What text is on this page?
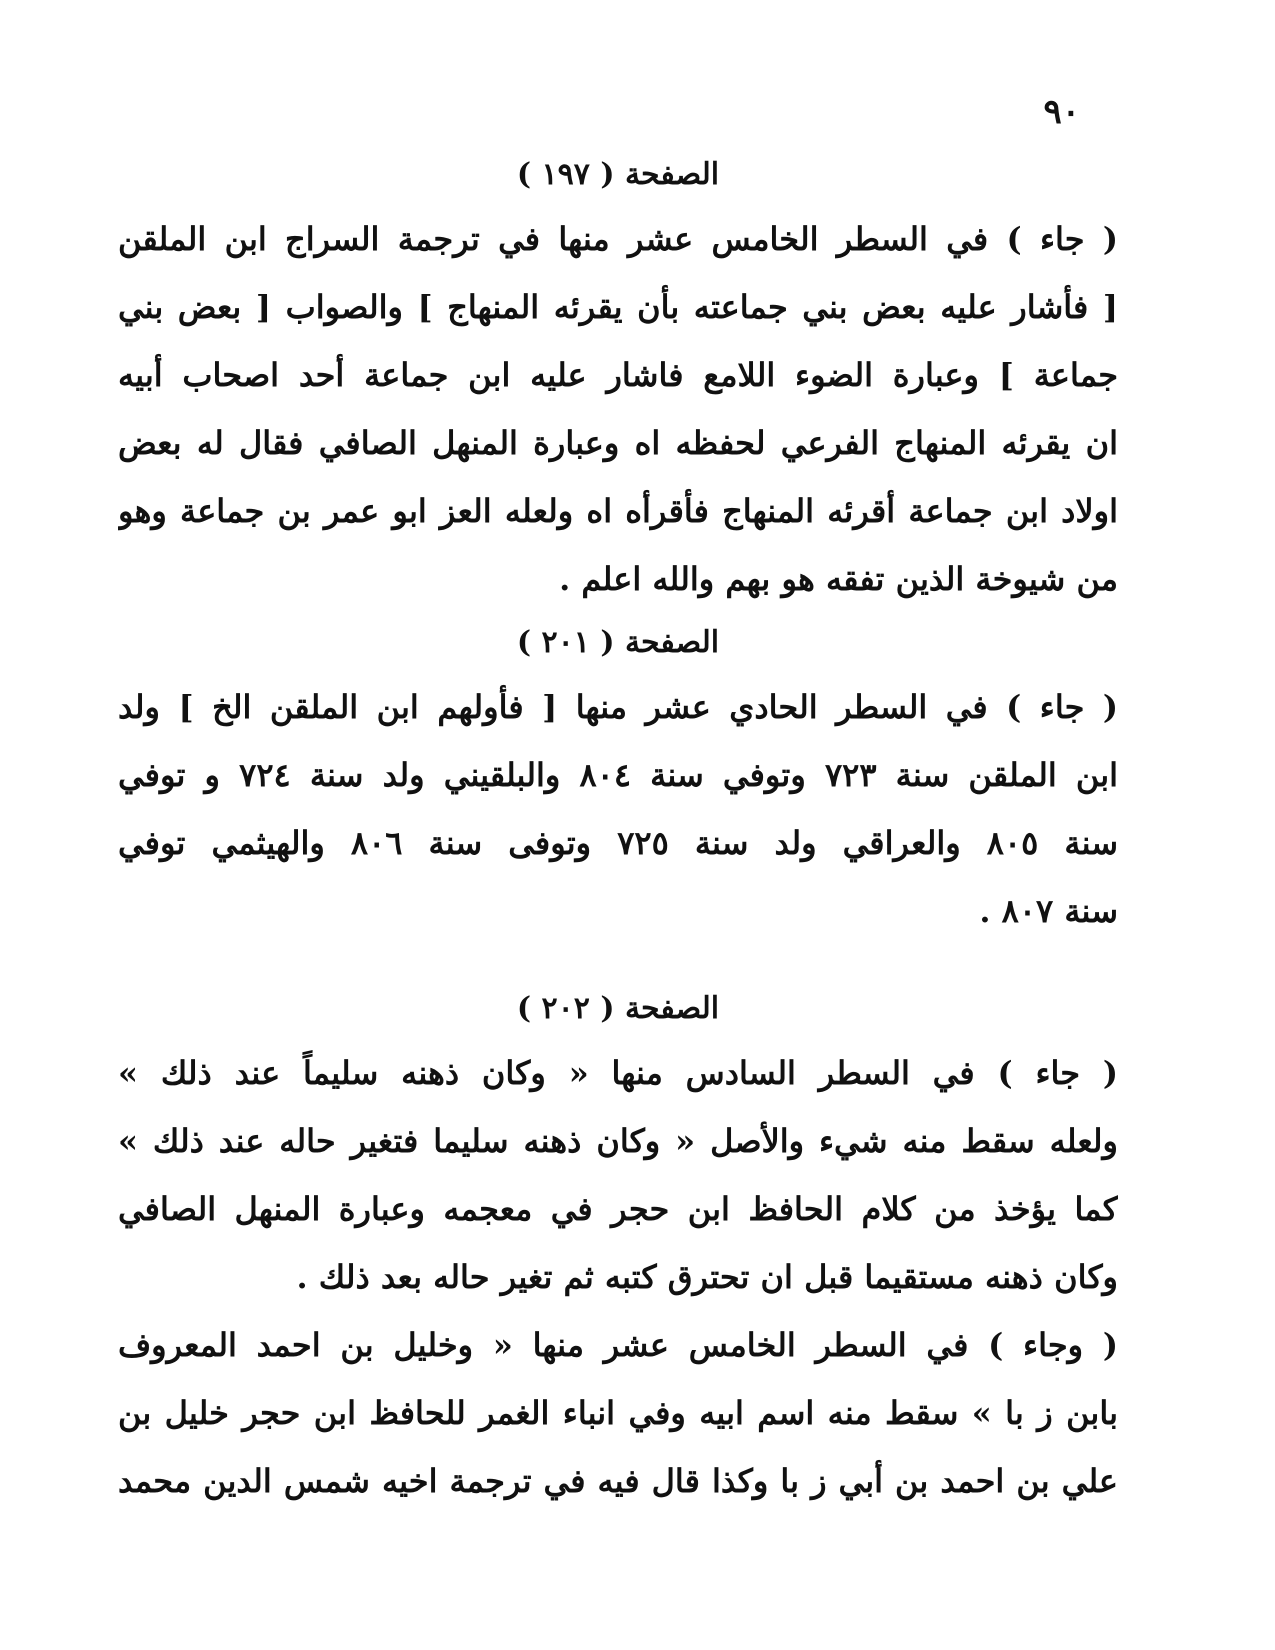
٩٠
الصفحة ( ١٩٧ )
( جاء ) في السطر الخامس عشر منها في ترجمة السراج ابن الملقن
[ فأشار عليه بعض بني جماعته بأن يقرئه المنهاج ] والصواب [ بعض بني
جماعة ] وعبارة الضوء اللامع فاشار عليه ابن جماعة أحد اصحاب أبيه
ان يقرئه المنهاج الفرعي لحفظه اه وعبارة المنهل الصافي فقال له بعض
اولاد ابن جماعة أقرئه المنهاج فأقرأه اه ولعله العز ابو عمر بن جماعة وهو
من شيوخة الذين تفقه هو بهم والله اعلم .
الصفحة ( ٢٠١ )
( جاء ) في السطر الحادي عشر منها [ فأولهم ابن الملقن الخ ] ولد
ابن الملقن سنة ٧٢٣ وتوفي سنة ٨٠٤ والبلقيني ولد سنة ٧٢٤ و توفي
سنة ٨٠٥ والعراقي ولد سنة ٧٢٥ وتوفى سنة ٨٠٦ والهيثمي توفي
سنة ٨٠٧ .
الصفحة ( ٢٠٢ )
( جاء ) في السطر السادس منها « وكان ذهنه سليماً عند ذلك »
ولعله سقط منه شيء والأصل « وكان ذهنه سليما فتغير حاله عند ذلك »
كما يؤخذ من كلام الحافظ ابن حجر في معجمه وعبارة المنهل الصافي
وكان ذهنه مستقيما قبل ان تحترق كتبه ثم تغير حاله بعد ذلك .
( وجاء ) في السطر الخامس عشر منها « وخليل بن احمد المعروف
بابن ز با » سقط منه اسم ابيه وفي انباء الغمر للحافظ ابن حجر خليل بن
علي بن احمد بن أبي ز با وكذا قال فيه في ترجمة اخيه شمس الدين محمد
